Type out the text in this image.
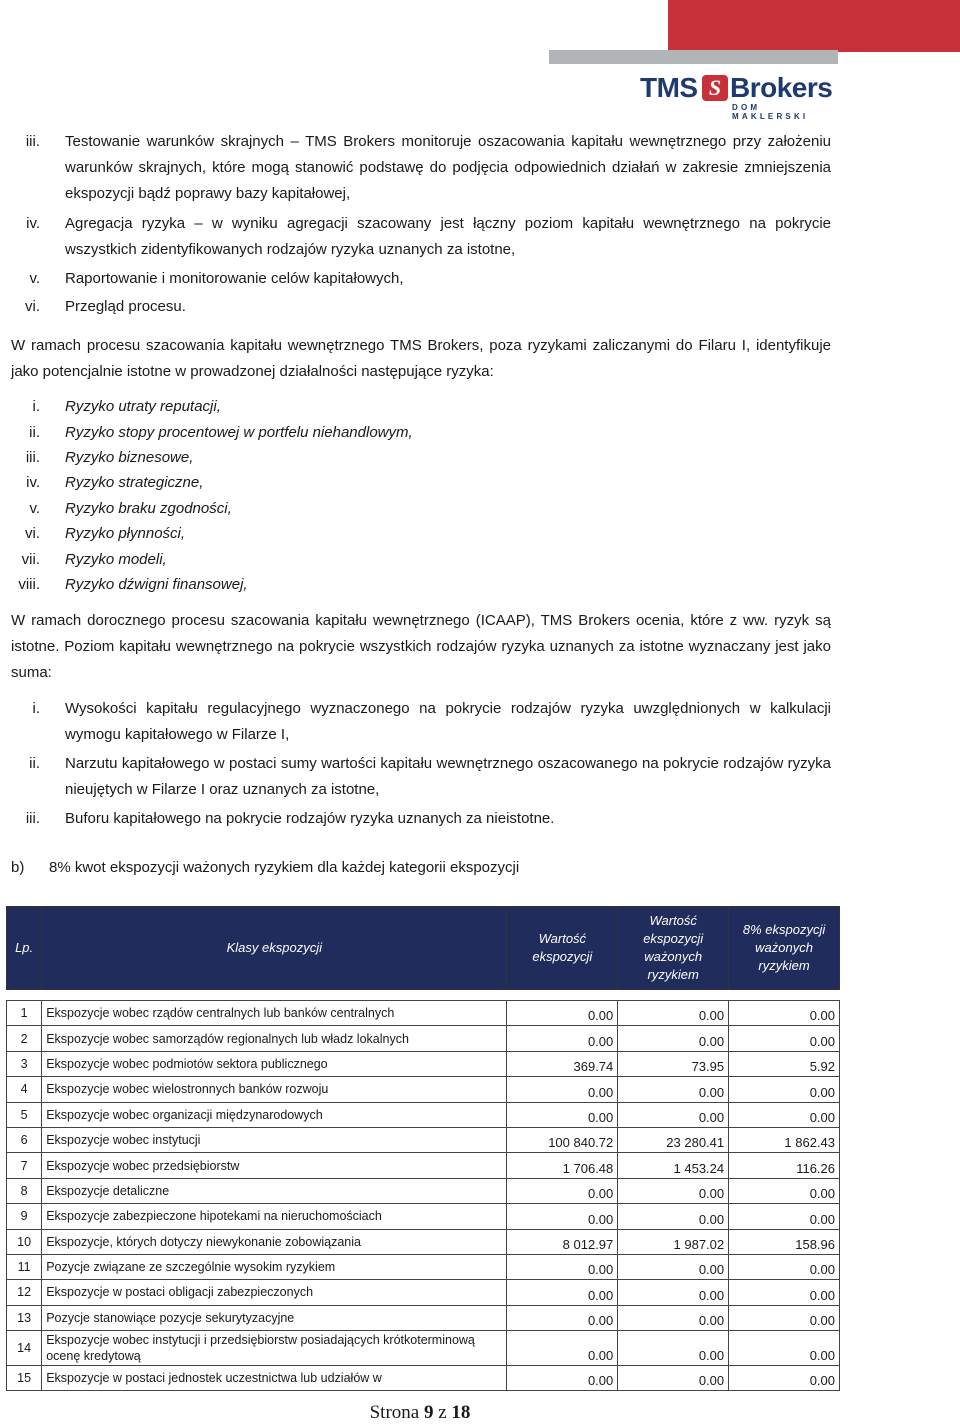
TMS S Brokers
DOM MAKLERSKI
iii. Testowanie warunków skrajnych – TMS Brokers monitoruje oszacowania kapitału wewnętrznego przy założeniu warunków skrajnych, które mogą stanowić podstawę do podjęcia odpowiednich działań w zakresie zmniejszenia ekspozycji bądź poprawy bazy kapitałowej,
iv. Agregacja ryzyka – w wyniku agregacji szacowany jest łączny poziom kapitału wewnętrznego na pokrycie wszystkich zidentyfikowanych rodzajów ryzyka uznanych za istotne,
v. Raportowanie i monitorowanie celów kapitałowych,
vi. Przegląd procesu.
W ramach procesu szacowania kapitału wewnętrznego TMS Brokers, poza ryzykami zaliczanymi do Filaru I, identyfikuje jako potencjalnie istotne w prowadzonej działalności następujące ryzyka:
i. Ryzyko utraty reputacji,
ii. Ryzyko stopy procentowej w portfelu niehandlowym,
iii. Ryzyko biznesowe,
iv. Ryzyko strategiczne,
v. Ryzyko braku zgodności,
vi. Ryzyko płynności,
vii. Ryzyko modeli,
viii. Ryzyko dźwigni finansowej,
W ramach dorocznego procesu szacowania kapitału wewnętrznego (ICAAP), TMS Brokers ocenia, które z ww. ryzyk są istotne. Poziom kapitału wewnętrznego na pokrycie wszystkich rodzajów ryzyka uznanych za istotne wyznaczany jest jako suma:
i. Wysokości kapitału regulacyjnego wyznaczonego na pokrycie rodzajów ryzyka uwzględnionych w kalkulacji wymogu kapitałowego w Filarze I,
ii. Narzutu kapitałowego w postaci sumy wartości kapitału wewnętrznego oszacowanego na pokrycie rodzajów ryzyka nieujętych w Filarze I oraz uznanych za istotne,
iii. Buforu kapitałowego na pokrycie rodzajów ryzyka uznanych za nieistotne.
b) 8% kwot ekspozycji ważonych ryzykiem dla każdej kategorii ekspozycji
Lp.	Klasy ekspozycji	Wartość ekspozycji	Wartość ekspozycji ważonych ryzykiem	8% ekspozycji ważonych ryzykiem

1	Ekspozycje wobec rządów centralnych lub banków centralnych	0.00	0.00	0.00
2	Ekspozycje wobec samorządów regionalnych lub władz lokalnych	0.00	0.00	0.00
3	Ekspozycje wobec podmiotów sektora publicznego	369.74	73.95	5.92
4	Ekspozycje wobec wielostronnych banków rozwoju	0.00	0.00	0.00
5	Ekspozycje wobec organizacji międzynarodowych	0.00	0.00	0.00
6	Ekspozycje wobec instytucji	100 840.72	23 280.41	1 862.43
7	Ekspozycje wobec przedsiębiorstw	1 706.48	1 453.24	116.26
8	Ekspozycje detaliczne	0.00	0.00	0.00
9	Ekspozycje zabezpieczone hipotekami na nieruchomościach	0.00	0.00	0.00
10	Ekspozycje, których dotyczy niewykonanie zobowiązania	8 012.97	1 987.02	158.96
11	Pozycje związane ze szczególnie wysokim ryzykiem	0.00	0.00	0.00
12	Ekspozycje w postaci obligacji zabezpieczonych	0.00	0.00	0.00
13	Pozycje stanowiące pozycje sekurytyzacyjne	0.00	0.00	0.00
14	Ekspozycje wobec instytucji i przedsiębiorstw posiadających krótkoterminową ocenę kredytową	0.00	0.00	0.00
15	Ekspozycje w postaci jednostek uczestnictwa lub udziałów w	0.00	0.00	0.00
Strona 9 z 18
